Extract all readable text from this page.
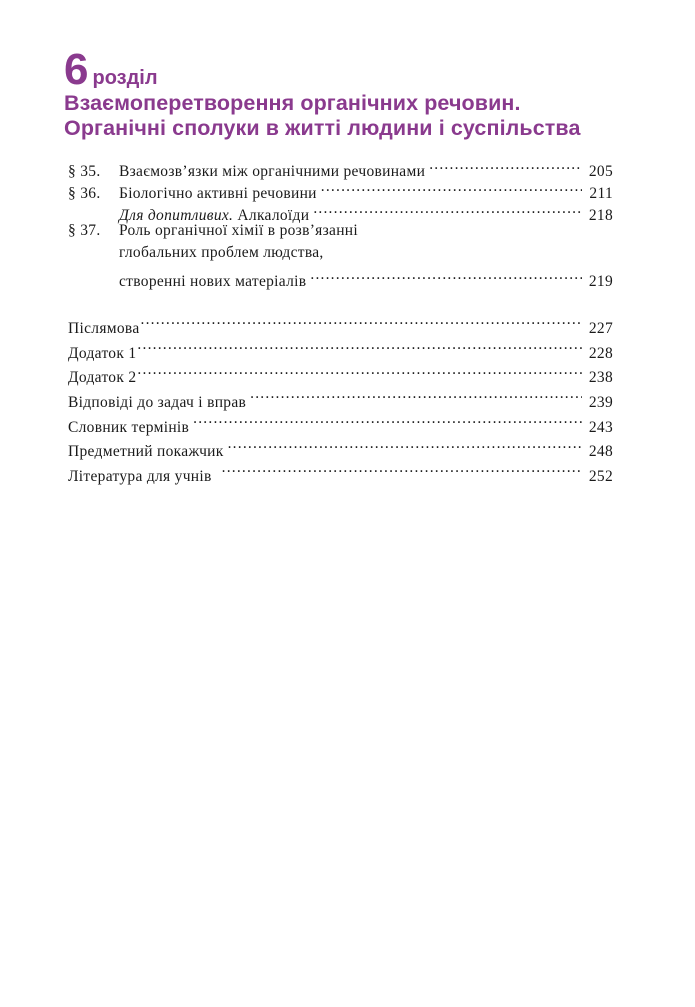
6 розділ
Взаємоперетворення органічних речовин.
Органічні сполуки в житті людини і суспільства
§ 35.	Взаємозв’язки між органічними речовинами .....	205
§ 36.	Біологічно активні речовини .....	211
Для допитливих. Алкалоїди .....	218
§ 37.	Роль органічної хімії в розв’язанні
глобальних проблем людства,
створенні нових матеріалів .....	219
Післямова .....	227
Додаток 1 .....	228
Додаток 2 .....	238
Відповіді до задач і вправ .....	239
Словник термінів .....	243
Предметний покажчик .....	248
Література для учнів .....	252
